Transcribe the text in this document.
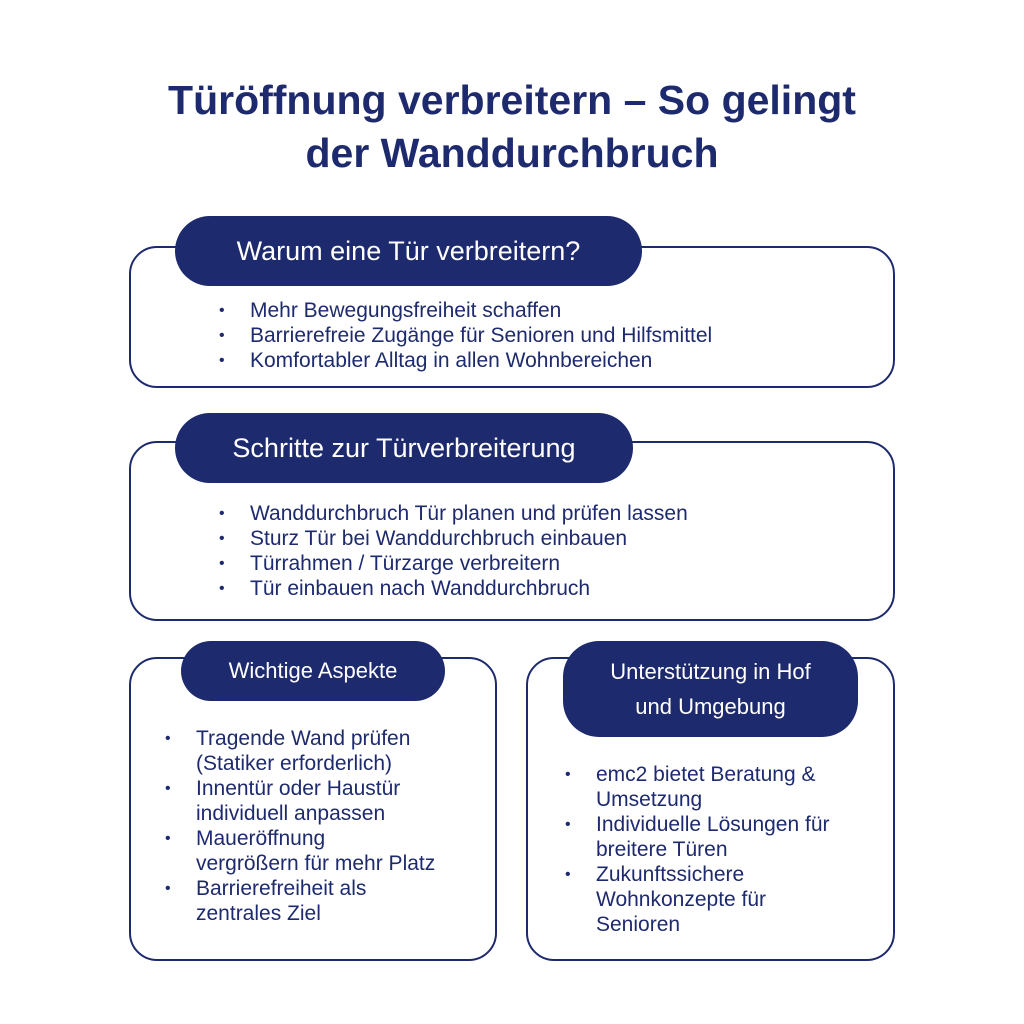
Türöffnung verbreitern – So gelingt
der Wanddurchbruch
Warum eine Tür verbreitern?
• Mehr Bewegungsfreiheit schaffen
• Barrierefreie Zugänge für Senioren und Hilfsmittel
• Komfortabler Alltag in allen Wohnbereichen
Schritte zur Türverbreiterung
• Wanddurchbruch Tür planen und prüfen lassen
• Sturz Tür bei Wanddurchbruch einbauen
• Türrahmen / Türzarge verbreitern
• Tür einbauen nach Wanddurchbruch
Wichtige Aspekte
• Tragende Wand prüfen
(Statiker erforderlich)
• Innentür oder Haustür
individuell anpassen
• Maueröffnung
vergrößern für mehr Platz
• Barrierefreiheit als
zentrales Ziel
Unterstützung in Hof
und Umgebung
• emc2 bietet Beratung &
Umsetzung
• Individuelle Lösungen für
breitere Türen
• Zukunftssichere
Wohnkonzepte für
Senioren
